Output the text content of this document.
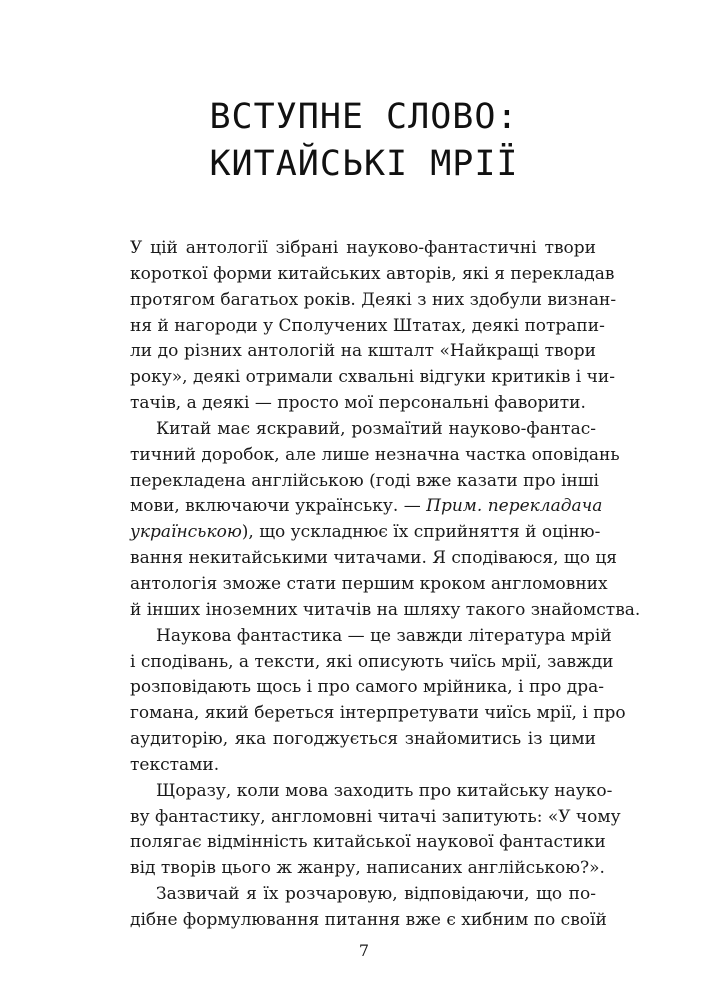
ВСТУПНЕ СЛОВО:
КИТАЙСЬКІ МРІЇ
У цій антології зібрані науково-фантастичні твори
короткої форми китайських авторів, які я перекладав
протягом багатьох років. Деякі з них здобули визнан-
ня й нагороди у Сполучених Штатах, деякі потрапи-
ли до різних антологій на кшталт «Найкращі твори
року», деякі отримали схвальні відгуки критиків і чи-
тачів, а деякі — просто мої персональні фаворити.
Китай має яскравий, розмаїтий науково-фантас-
тичний доробок, але лише незначна частка оповідань
перекладена англійською (годі вже казати про інші
мови, включаючи українську. — Прим. перекладача
українською), що ускладнює їх сприйняття й оціню-
вання некитайськими читачами. Я сподіваюся, що ця
антологія зможе стати першим кроком англомовних
й інших іноземних читачів на шляху такого знайомства.
Наукова фантастика — це завжди література мрій
і сподівань, а тексти, які описують чиїсь мрії, завжди
розповідають щось і про самого мрійника, і про дра-
гомана, який береться інтерпретувати чиїсь мрії, і про
аудиторію, яка погоджується знайомитись із цими
текстами.
Щоразу, коли мова заходить про китайську науко-
ву фантастику, англомовні читачі запитують: «У чому
полягає відмінність китайської наукової фантастики
від творів цього ж жанру, написаних англійською?».
Зазвичай я їх розчаровую, відповідаючи, що по-
дібне формулювання питання вже є хибним по своїй
7
